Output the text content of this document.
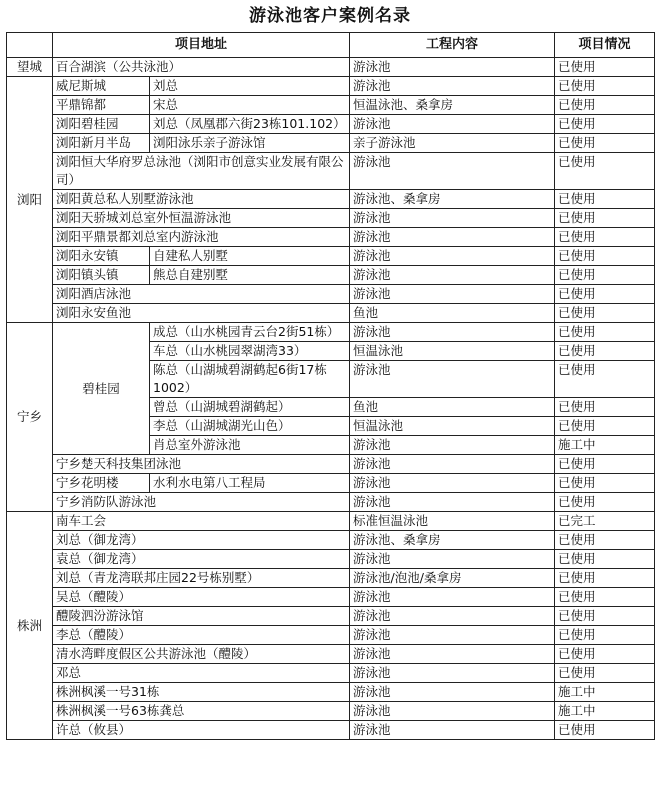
游泳池客户案例名录
	项目地址		工程内容	项目情况
望城	百合湖滨（公共泳池）		游泳池	已使用
浏阳	威尼斯城	刘总	游泳池	已使用
	平鼎锦都	宋总	恒温泳池、桑拿房	已使用
	浏阳碧桂园	刘总（凤凰郡六街23栋101.102）	游泳池	已使用
	浏阳新月半岛	浏阳泳乐亲子游泳馆	亲子游泳池	已使用
	浏阳恒大华府罗总泳池（浏阳市创意实业发展有限公司）		游泳池	已使用
	浏阳黄总私人别墅游泳池		游泳池、桑拿房	已使用
	浏阳天骄城刘总室外恒温游泳池		游泳池	已使用
	浏阳平鼎景都刘总室内游泳池		游泳池	已使用
	浏阳永安镇	自建私人别墅	游泳池	已使用
	浏阳镇头镇	熊总自建别墅	游泳池	已使用
	浏阳酒店泳池		游泳池	已使用
	浏阳永安鱼池		鱼池	已使用
宁乡	碧桂园	成总（山水桃园青云台2街51栋）	游泳池	已使用
		车总（山水桃园翠湖湾33）	恒温泳池	已使用
		陈总（山湖城碧湖鹤起6街17栋1002）	游泳池	已使用
		曾总（山湖城碧湖鹤起）	鱼池	已使用
		李总（山湖城湖光山色）	恒温泳池	已使用
		肖总室外游泳池	游泳池	施工中
	宁乡楚天科技集团泳池		游泳池	已使用
	宁乡花明楼	水利水电第八工程局	游泳池	已使用
	宁乡消防队游泳池		游泳池	已使用
株洲	南车工会		标准恒温泳池	已完工
	刘总（御龙湾）		游泳池、桑拿房	已使用
	袁总（御龙湾）		游泳池	已使用
	刘总（青龙湾联邦庄园22号栋别墅）		游泳池/泡池/桑拿房	已使用
	吴总（醴陵）		游泳池	已使用
	醴陵泗汾游泳馆		游泳池	已使用
	李总（醴陵）		游泳池	已使用
	清水湾畔度假区公共游泳池（醴陵）		游泳池	已使用
	邓总		游泳池	已使用
	株洲枫溪一号31栋		游泳池	施工中
	株洲枫溪一号63栋龚总		游泳池	施工中
	许总（攸县）		游泳池	已使用
